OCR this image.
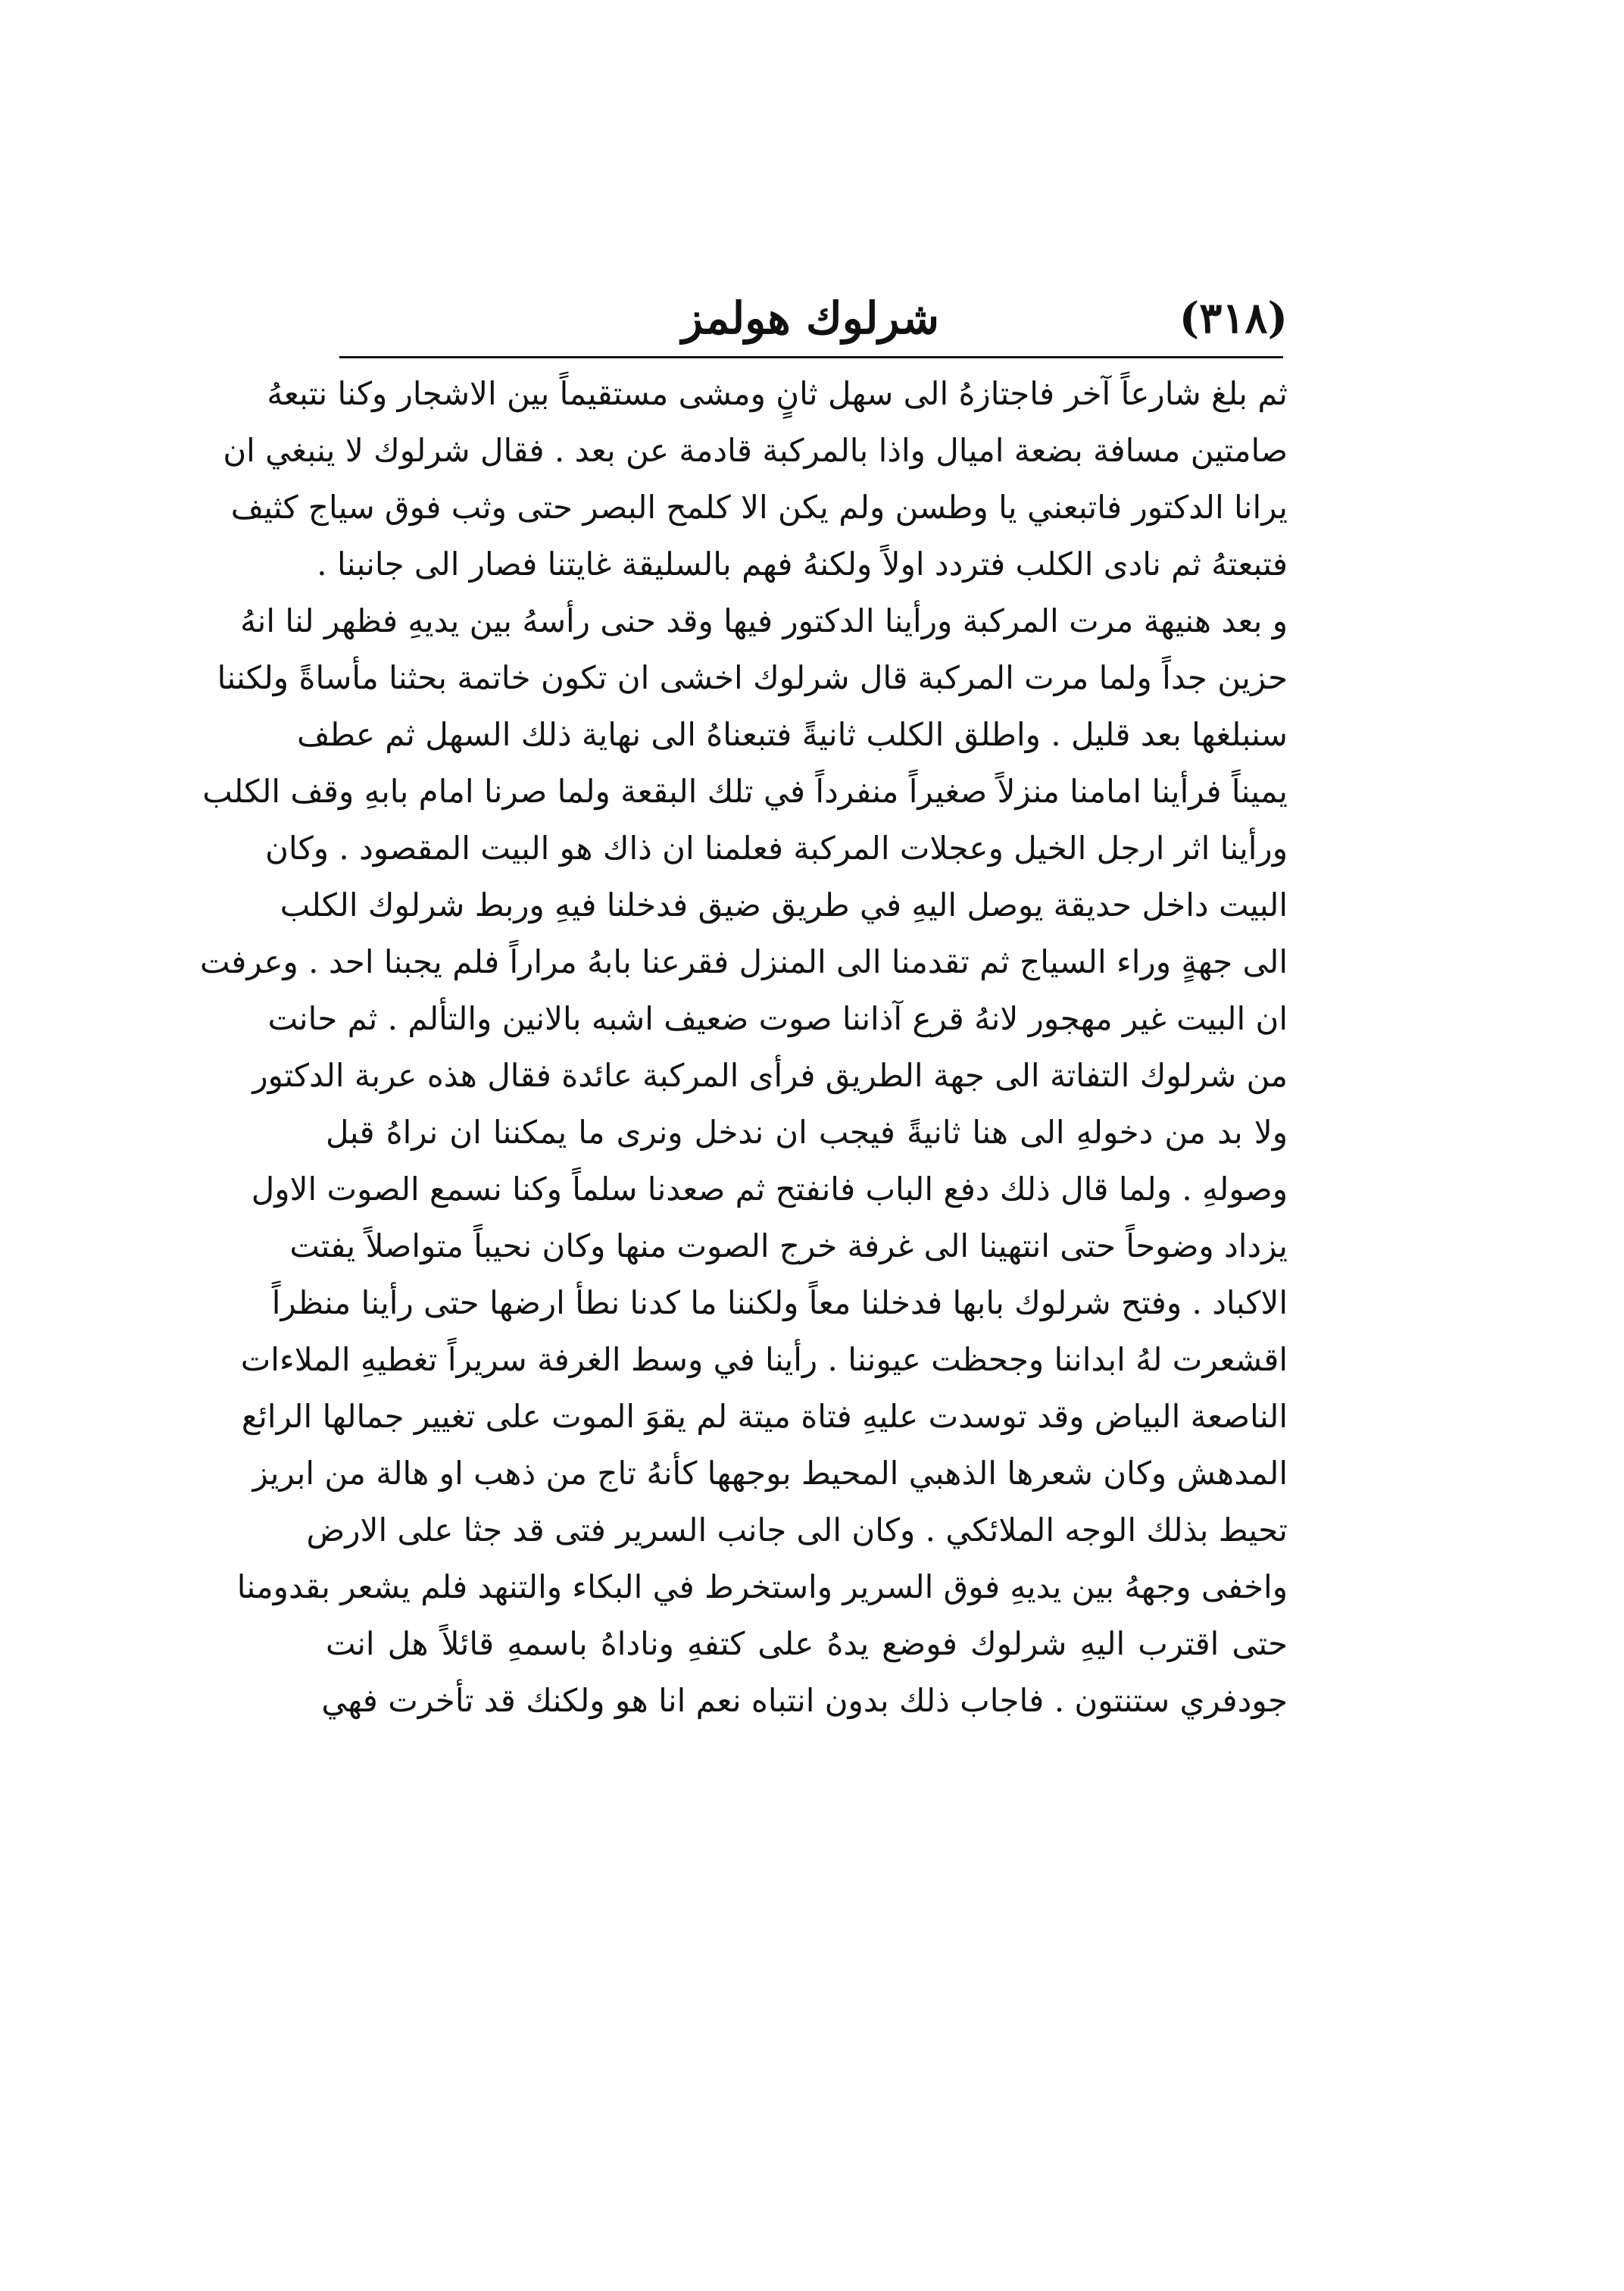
(٣١٨)
شرلوك هولمز
ثم بلغ شارعاً آخر فاجتازهُ الى سهل ثانٍ ومشى مستقيماً بين الاشجار وكنا نتبعهُ
صامتين مسافة بضعة اميال واذا بالمركبة قادمة عن بعد . فقال شرلوك لا ينبغي ان
يرانا الدكتور فاتبعني يا وطسن ولم يكن الا كلمح البصر حتى وثب فوق سياج كثيف
فتبعتهُ ثم نادى الكلب فتردد اولاً ولكنهُ فهم بالسليقة غايتنا فصار الى جانبنا .
و بعد هنيهة مرت المركبة ورأينا الدكتور فيها وقد حنى رأسهُ بين يديهِ فظهر لنا انهُ
حزين جداً ولما مرت المركبة قال شرلوك اخشى ان تكون خاتمة بحثنا مأساةً ولكننا
سنبلغها بعد قليل . واطلق الكلب ثانيةً فتبعناهُ الى نهاية ذلك السهل ثم عطف
يميناً فرأينا امامنا منزلاً صغيراً منفرداً في تلك البقعة ولما صرنا امام بابهِ وقف الكلب
ورأينا اثر ارجل الخيل وعجلات المركبة فعلمنا ان ذاك هو البيت المقصود . وكان
البيت داخل حديقة يوصل اليهِ في طريق ضيق فدخلنا فيهِ وربط شرلوك الكلب
الى جهةٍ وراء السياج ثم تقدمنا الى المنزل فقرعنا بابهُ مراراً فلم يجبنا احد . وعرفت
ان البيت غير مهجور لانهُ قرع آذاننا صوت ضعيف اشبه بالانين والتألم . ثم حانت
من شرلوك التفاتة الى جهة الطريق فرأى المركبة عائدة فقال هذه عربة الدكتور
ولا بد من دخولهِ الى هنا ثانيةً فيجب ان ندخل ونرى ما يمكننا ان نراهُ قبل
وصولهِ . ولما قال ذلك دفع الباب فانفتح ثم صعدنا سلماً وكنا نسمع الصوت الاول
يزداد وضوحاً حتى انتهينا الى غرفة خرج الصوت منها وكان نحيباً متواصلاً يفتت
الاكباد . وفتح شرلوك بابها فدخلنا معاً ولكننا ما كدنا نطأ ارضها حتى رأينا منظراً
اقشعرت لهُ ابداننا وجحظت عيوننا . رأينا في وسط الغرفة سريراً تغطيهِ الملاءات
الناصعة البياض وقد توسدت عليهِ فتاة ميتة لم يقوَ الموت على تغيير جمالها الرائع
المدهش وكان شعرها الذهبي المحيط بوجهها كأنهُ تاج من ذهب او هالة من ابريز
تحيط بذلك الوجه الملائكي . وكان الى جانب السرير فتى قد جثا على الارض
واخفى وجههُ بين يديهِ فوق السرير واستخرط في البكاء والتنهد فلم يشعر بقدومنا
حتى اقترب اليهِ شرلوك فوضع يدهُ على كتفهِ وناداهُ باسمهِ قائلاً هل انت
جودفري ستنتون . فاجاب ذلك بدون انتباه نعم انا هو ولكنك قد تأخرت فهي
